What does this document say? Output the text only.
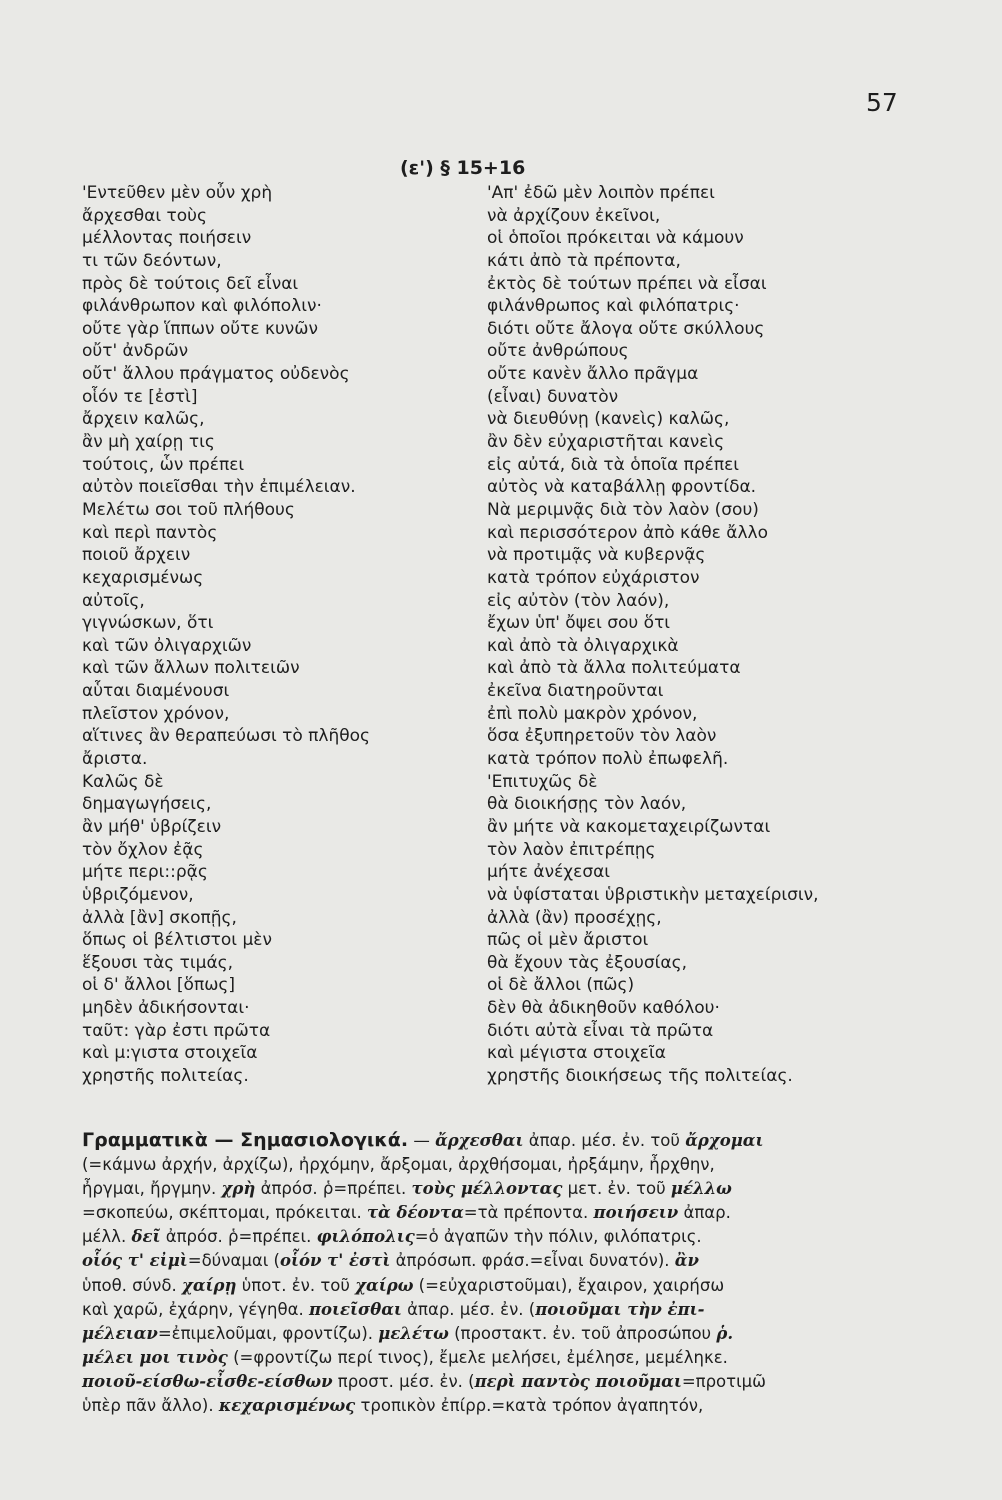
57
(ε') § 15+16
'Εντεῦθεν μὲν οὖν χρὴ
ἄρχεσθαι τοὺς
μέλλοντας ποιήσειν
τι τῶν δεόντων,
πρὸς δὲ τούτοις δεῖ εἶναι
φιλάνθρωπον καὶ φιλόπολιν·
οὔτε γὰρ ἵππων οὔτε κυνῶν
οὔτ' ἀνδρῶν
οὔτ' ἄλλου πράγματος οὐδενὸς
οἷόν τε [ἐστὶ]
ἄρχειν καλῶς,
ἂν μὴ χαίρῃ τις
τούτοις, ὧν πρέπει
αὐτὸν ποιεῖσθαι τὴν ἐπιμέλειαν.
Μελέτω σοι τοῦ πλήθους
καὶ περὶ παντὸς
ποιοῦ ἄρχειν
κεχαρισμένως
αὐτοῖς,
γιγνώσκων, ὅτι
καὶ τῶν ὀλιγαρχιῶν
καὶ τῶν ἄλλων πολιτειῶν
αὗται διαμένουσι
πλεῖστον χρόνον,
αἵτινες ἂν θεραπεύωσι τὸ πλῆθος
ἄριστα.
Καλῶς δὲ
δημαγωγήσεις,
ἂν μήθ' ὑβρίζειν
τὸν ὄχλον ἐᾷς
μήτε περι::ρᾷς
ὑβριζόμενον,
ἀλλὰ [ἂν] σκοπῇς,
ὅπως οἱ βέλτιστοι μὲν
ἕξουσι τὰς τιμάς,
οἱ δ' ἄλλοι [ὅπως]
μηδὲν ἀδικήσονται·
ταῦτ: γὰρ ἐστι πρῶτα
καὶ μ:γιστα στοιχεῖα
χρηστῆς πολιτείας.
'Απ' ἐδῶ μὲν λοιπὸν πρέπει
νὰ ἀρχίζουν ἐκεῖνοι,
οἱ ὁποῖοι πρόκειται νὰ κάμουν
κάτι ἀπὸ τὰ πρέποντα,
ἐκτὸς δὲ τούτων πρέπει νὰ εἶσαι
φιλάνθρωπος καὶ φιλόπατρις·
διότι οὔτε ἄλογα οὔτε σκύλλους
οὔτε ἀνθρώπους
οὔτε κανὲν ἄλλο πρᾶγμα
(εἶναι) δυνατὸν
νὰ διευθύνῃ (κανεὶς) καλῶς,
ἂν δὲν εὐχαριστῆται κανεὶς
εἰς αὐτά, διὰ τὰ ὁποῖα πρέπει
αὐτὸς νὰ καταβάλλῃ φροντίδα.
Νὰ μεριμνᾷς διὰ τὸν λαὸν (σου)
καὶ περισσότερον ἀπὸ κάθε ἄλλο
νὰ προτιμᾷς νὰ κυβερνᾷς
κατὰ τρόπον εὐχάριστον
εἰς αὐτὸν (τὸν λαόν),
ἔχων ὑπ' ὄψει σου ὅτι
καὶ ἀπὸ τὰ ὀλιγαρχικὰ
καὶ ἀπὸ τὰ ἄλλα πολιτεύματα
ἐκεῖνα διατηροῦνται
ἐπὶ πολὺ μακρὸν χρόνον,
ὅσα ἐξυπηρετοῦν τὸν λαὸν
κατὰ τρόπον πολὺ ἐπωφελῆ.
'Επιτυχῶς δὲ
θὰ διοικήσῃς τὸν λαόν,
ἂν μήτε νὰ κακομεταχειρίζωνται
τὸν λαὸν ἐπιτρέπῃς
μήτε ἀνέχεσαι
νὰ ὑφίσταται ὑβριστικὴν μεταχείρισιν,
ἀλλὰ (ἂν) προσέχῃς,
πῶς οἱ μὲν ἄριστοι
θὰ ἔχουν τὰς ἐξουσίας,
οἱ δὲ ἄλλοι (πῶς)
δὲν θὰ ἀδικηθοῦν καθόλου·
διότι αὐτὰ εἶναι τὰ πρῶτα
καὶ μέγιστα στοιχεῖα
χρηστῆς διοικήσεως τῆς πολιτείας.
Γραμματικὰ — Σημασιολογικά. — ἄρχεσθαι ἀπαρ. μέσ. ἐν. τοῦ ἄρχομαι
(=κάμνω ἀρχήν, ἀρχίζω), ἠρχόμην, ἄρξομαι, ἀρχθήσομαι, ἠρξάμην, ἦρχθην,
ἦργμαι, ἤργμην. χρὴ ἀπρόσ. ῥ=πρέπει. τοὺς μέλλοντας μετ. ἐν. τοῦ μέλλω
=σκοπεύω, σκέπτομαι, πρόκειται. τὰ δέοντα=τὰ πρέποντα. ποιήσειν ἀπαρ.
μέλλ. δεῖ ἀπρόσ. ῥ=πρέπει. φιλόπολις=ὁ ἀγαπῶν τὴν πόλιν, φιλόπατρις.
οἷός τ' εἰμὶ=δύναμαι (οἷόν τ' ἐστὶ ἀπρόσωπ. φράσ.=εἶναι δυνατόν). ἂν
ὑποθ. σύνδ. χαίρῃ ὑποτ. ἐν. τοῦ χαίρω (=εὐχαριστοῦμαι), ἔχαιρον, χαιρήσω
καὶ χαρῶ, ἐχάρην, γέγηθα. ποιεῖσθαι ἀπαρ. μέσ. ἐν. (ποιοῦμαι τὴν ἐπι-
μέλειαν=ἐπιμελοῦμαι, φροντίζω). μελέτω (προστακτ. ἐν. τοῦ ἀπροσώπου ῥ.
μέλει μοι τινὸς (=φροντίζω περί τινος), ἔμελε μελήσει, ἐμέλησε, μεμέληκε.
ποιοῦ-είσθω-εἶσθε-είσθων προστ. μέσ. ἐν. (περὶ παντὸς ποιοῦμαι=προτιμῶ
ὑπὲρ πᾶν ἄλλο). κεχαρισμένως τροπικὸν ἐπίρρ.=κατὰ τρόπον ἀγαπητόν,
